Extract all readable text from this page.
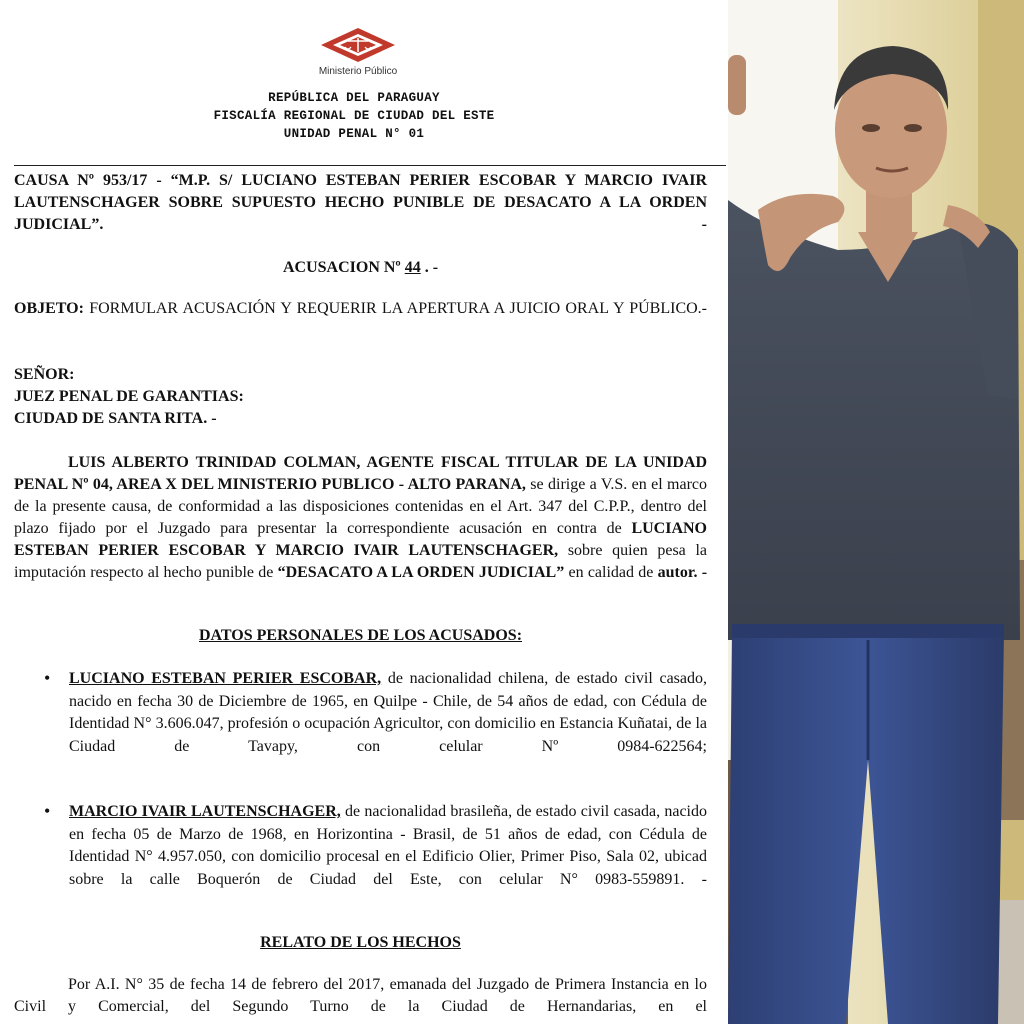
Ministerio Público
REPÚBLICA DEL PARAGUAY
FISCALÍA REGIONAL DE CIUDAD DEL ESTE
UNIDAD PENAL N° 01
CAUSA Nº 953/17 - “M.P. S/ LUCIANO ESTEBAN PERIER ESCOBAR Y MARCIO IVAIR LAUTENSCHAGER SOBRE SUPUESTO HECHO PUNIBLE DE DESACATO A LA ORDEN JUDICIAL”. -
ACUSACION Nº 44 . -
OBJETO: FORMULAR ACUSACIÓN Y REQUERIR LA APERTURA A JUICIO ORAL Y PÚBLICO.-
SEÑOR:
JUEZ PENAL DE GARANTIAS:
CIUDAD DE SANTA RITA. -
LUIS ALBERTO TRINIDAD COLMAN, AGENTE FISCAL TITULAR DE LA UNIDAD PENAL Nº 04, AREA X DEL MINISTERIO PUBLICO - ALTO PARANA, se dirige a V.S. en el marco de la presente causa, de conformidad a las disposiciones contenidas en el Art. 347 del C.P.P., dentro del plazo fijado por el Juzgado para presentar la correspondiente acusación en contra de LUCIANO ESTEBAN PERIER ESCOBAR Y MARCIO IVAIR LAUTENSCHAGER, sobre quien pesa la imputación respecto al hecho punible de “DESACATO A LA ORDEN JUDICIAL” en calidad de autor. -
DATOS PERSONALES DE LOS ACUSADOS:
• LUCIANO ESTEBAN PERIER ESCOBAR, de nacionalidad chilena, de estado civil casado, nacido en fecha 30 de Diciembre de 1965, en Quilpe - Chile, de 54 años de edad, con Cédula de Identidad N° 3.606.047, profesión o ocupación Agricultor, con domicilio en Estancia Kuñatai, de la Ciudad de Tavapy, con celular Nº 0984-622564;
• MARCIO IVAIR LAUTENSCHAGER, de nacionalidad brasileña, de estado civil casada, nacido en fecha 05 de Marzo de 1968, en Horizontina - Brasil, de 51 años de edad, con Cédula de Identidad N° 4.957.050, con domicilio procesal en el Edificio Olier, Primer Piso, Sala 02, ubicad sobre la calle Boquerón de Ciudad del Este, con celular N° 0983-559891. -
RELATO DE LOS HECHOS
Por A.I. N° 35 de fecha 14 de febrero del 2017, emanada del Juzgado de Primera Instancia en lo Civil y Comercial, del Segundo Turno de la Ciudad de Hernandarias, en el
